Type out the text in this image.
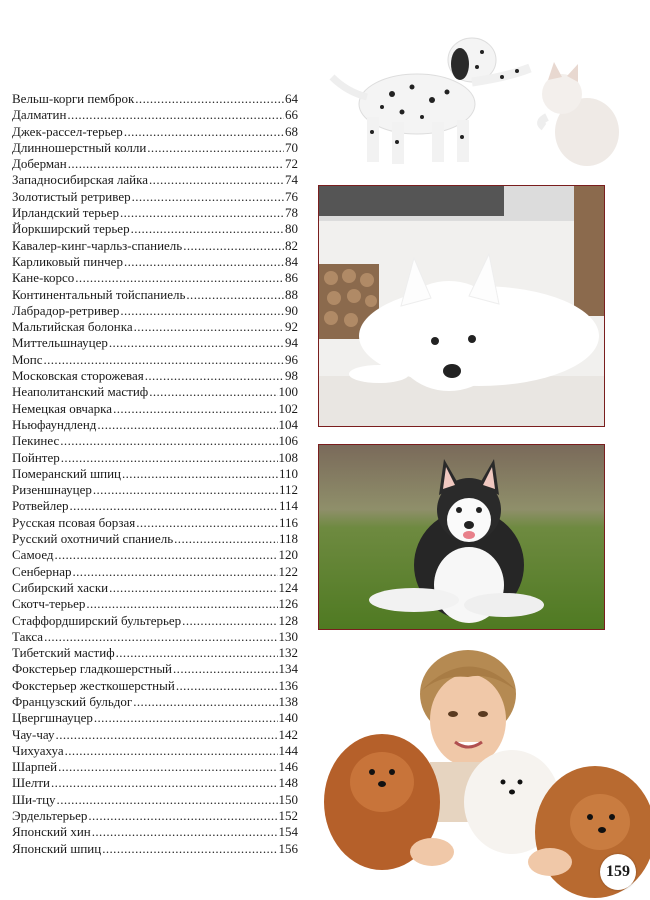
Вельш-корги пемброк .....	64
Далматин .....	66
Джек-рассел-терьер .....	68
Длинношерстный колли .....	70
Доберман .....	72
Западносибирская лайка .....	74
Золотистый ретривер .....	76
Ирландский терьер .....	78
Йоркширский терьер .....	80
Кавалер-кинг-чарльз-спаниель .....	82
Карликовый пинчер .....	84
Кане-корсо .....	86
Континентальный тойспаниель .....	88
Лабрадор-ретривер .....	90
Мальтийская болонка .....	92
Миттельшнауцер .....	94
Мопс .....	96
Московская сторожевая .....	98
Неаполитанский мастиф .....	100
Немецкая овчарка .....	102
Ньюфаундленд .....	104
Пекинес .....	106
Пойнтер .....	108
Померанский шпиц .....	110
Ризеншнауцер .....	112
Ротвейлер .....	114
Русская псовая борзая .....	116
Русский охотничий спаниель .....	118
Самоед .....	120
Сенбернар .....	122
Сибирский хаски .....	124
Скотч-терьер .....	126
Стаффордширский бультерьер .....	128
Такса .....	130
Тибетский мастиф .....	132
Фокстерьер гладкошерстный .....	134
Фокстерьер жесткошерстный .....	136
Французский бульдог .....	138
Цвергшнауцер .....	140
Чау-чау .....	142
Чихуахуа .....	144
Шарпей .....	146
Шелти .....	148
Ши-тцу .....	150
Эрдельтерьер .....	152
Японский хин .....	154
Японский шпиц .....	156
159
